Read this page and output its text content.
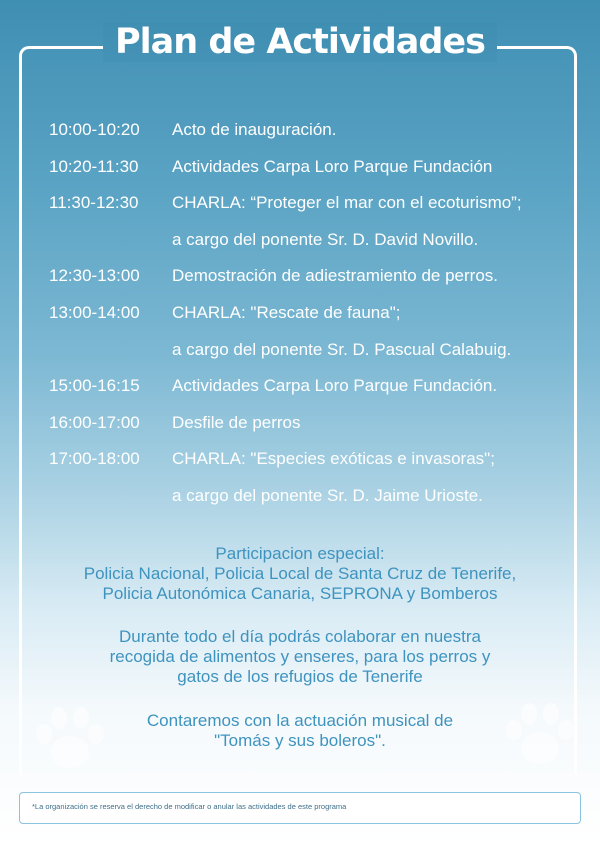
Plan de Actividades
10:00-10:20 Acto de inauguración.
10:20-11:30 Actividades Carpa Loro Parque Fundación
11:30-12:30 CHARLA: “Proteger el mar con el ecoturismo”;
a cargo del ponente Sr. D. David Novillo.
12:30-13:00 Demostración de adiestramiento de perros.
13:00-14:00 CHARLA: "Rescate de fauna";
a cargo del ponente Sr. D. Pascual Calabuig.
15:00-16:15 Actividades Carpa Loro Parque Fundación.
16:00-17:00 Desfile de perros
17:00-18:00 CHARLA: "Especies exóticas e invasoras";
a cargo del ponente Sr. D. Jaime Urioste.

Participacion especial:

Policia Nacional, Policia Local de Santa Cruz de Tenerife,

Policia Autonómica Canaria, SEPRONA y Bomberos

Durante todo el día podrás colaborar en nuestra

recogida de alimentos y enseres, para los perros y

gatos de los refugios de Tenerife

Contaremos con la actuación musical de

"Tomás y sus boleros".

*La organización se reserva el derecho de modificar o anular las actividades de este programa
